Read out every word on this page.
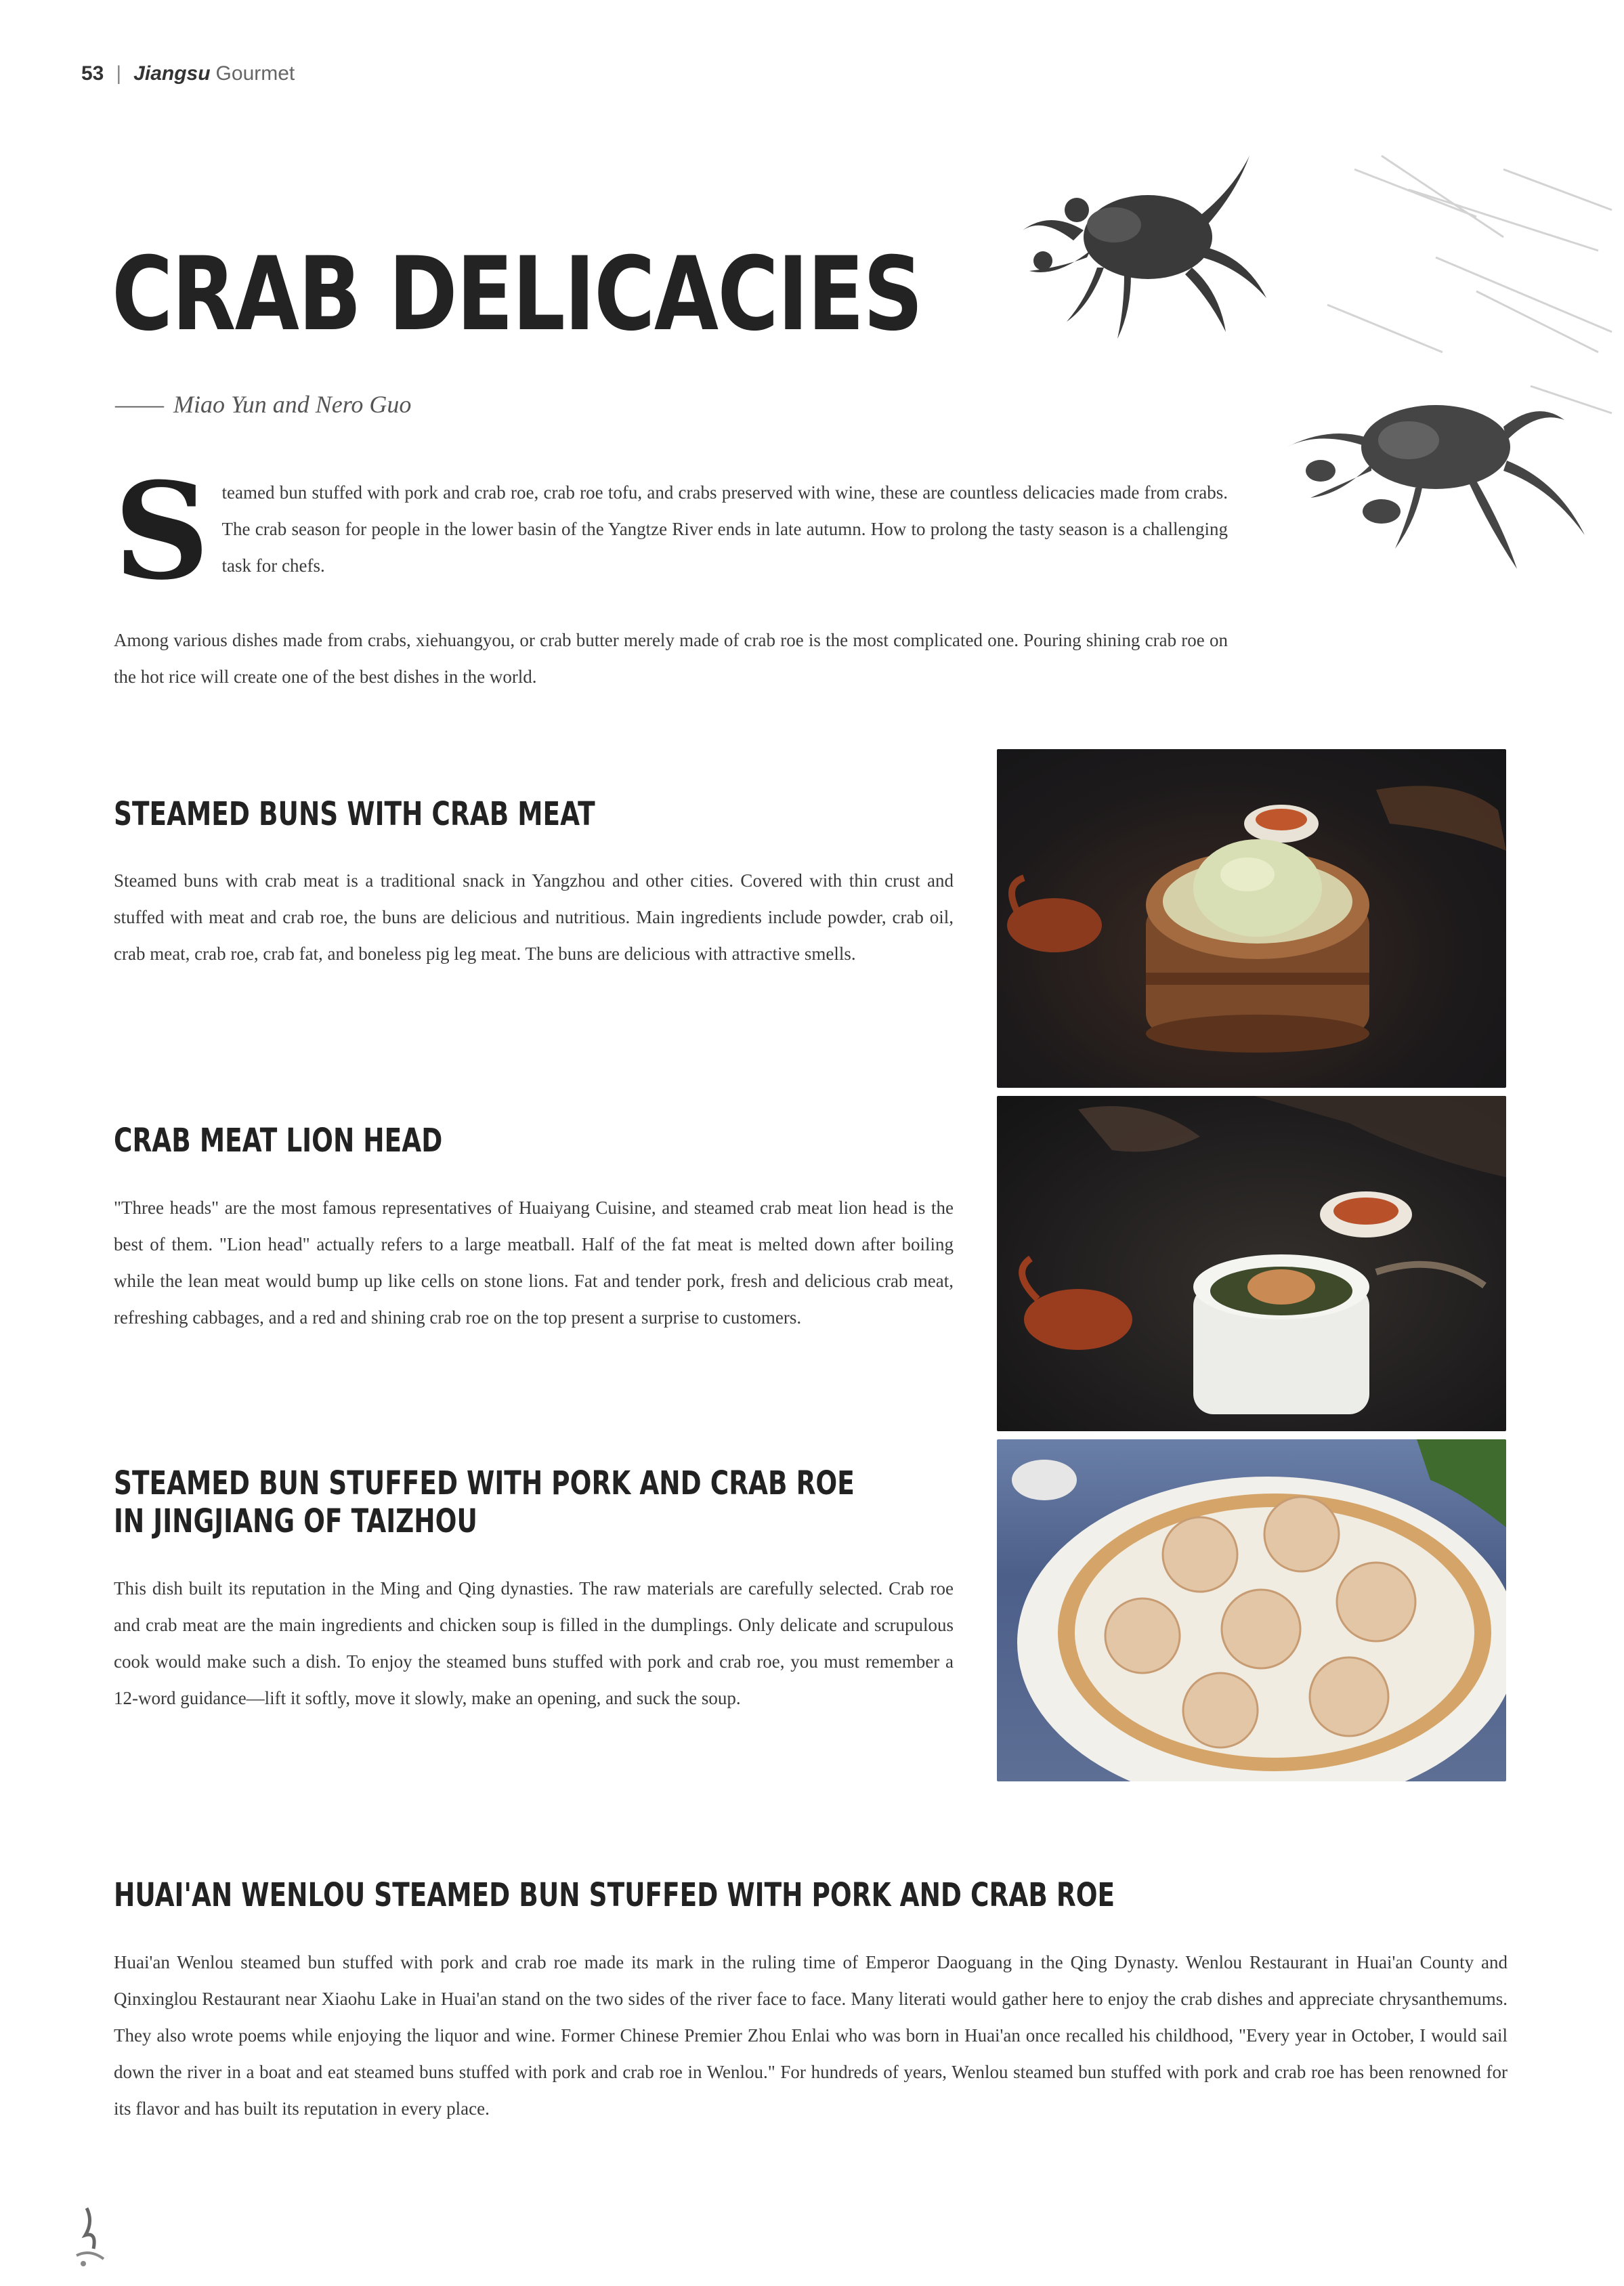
53 | Jiangsu Gourmet
CRAB DELICACIES
—— Miao Yun and Nero Guo
Steamed bun stuffed with pork and crab roe, crab roe tofu, and crabs preserved with wine, these are countless delicacies made from crabs. The crab season for people in the lower basin of the Yangtze River ends in late autumn. How to prolong the tasty season is a challenging task for chefs.
Among various dishes made from crabs, xiehuangyou, or crab butter merely made of crab roe is the most complicated one. Pouring shining crab roe on the hot rice will create one of the best dishes in the world.
STEAMED BUNS WITH CRAB MEAT
Steamed buns with crab meat is a traditional snack in Yangzhou and other cities. Covered with thin crust and stuffed with meat and crab roe, the buns are delicious and nutritious. Main ingredients include powder, crab oil, crab meat, crab roe, crab fat, and boneless pig leg meat. The buns are delicious with attractive smells.
CRAB MEAT LION HEAD
"Three heads" are the most famous representatives of Huaiyang Cuisine, and steamed crab meat lion head is the best of them. "Lion head" actually refers to a large meatball. Half of the fat meat is melted down after boiling while the lean meat would bump up like cells on stone lions. Fat and tender pork, fresh and delicious crab meat, refreshing cabbages, and a red and shining crab roe on the top present a surprise to customers.
STEAMED BUN STUFFED WITH PORK AND CRAB ROE
IN JINGJIANG OF TAIZHOU
This dish built its reputation in the Ming and Qing dynasties. The raw materials are carefully selected. Crab roe and crab meat are the main ingredients and chicken soup is filled in the dumplings. Only delicate and scrupulous cook would make such a dish. To enjoy the steamed buns stuffed with pork and crab roe, you must remember a 12-word guidance—lift it softly, move it slowly, make an opening, and suck the soup.
HUAI'AN WENLOU STEAMED BUN STUFFED WITH PORK AND CRAB ROE
Huai'an Wenlou steamed bun stuffed with pork and crab roe made its mark in the ruling time of Emperor Daoguang in the Qing Dynasty. Wenlou Restaurant in Huai'an County and Qinxinglou Restaurant near Xiaohu Lake in Huai'an stand on the two sides of the river face to face. Many literati would gather here to enjoy the crab dishes and appreciate chrysanthemums. They also wrote poems while enjoying the liquor and wine. Former Chinese Premier Zhou Enlai who was born in Huai'an once recalled his childhood, "Every year in October, I would sail down the river in a boat and eat steamed buns stuffed with pork and crab roe in Wenlou." For hundreds of years, Wenlou steamed bun stuffed with pork and crab roe has been renowned for its flavor and has built its reputation in every place.
